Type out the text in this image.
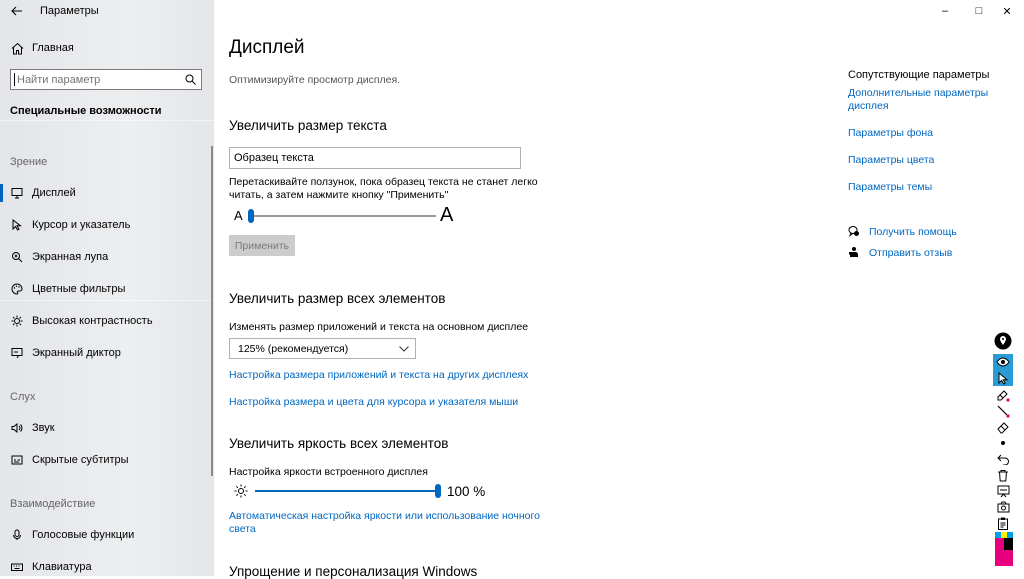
Параметры
Главная
Найти параметр
Специальные возможности
Зрение
Дисплей
Курсор и указатель
Экранная лупа
Цветные фильтры
Высокая контрастность
Экранный диктор
Слух
Звук
Скрытые субтитры
Взаимодействие
Голосовые функции
Клавиатура
–	□	✕
Дисплей
Оптимизируйте просмотр дисплея.
Увеличить размер текста
Образец текста
Перетаскивайте ползунок, пока образец текста не станет легко
читать, а затем нажмите кнопку "Применить"
A	A
Применить
Увеличить размер всех элементов
Изменять размер приложений и текста на основном дисплее
125% (рекомендуется)
Настройка размера приложений и текста на других дисплеях
Настройка размера и цвета для курсора и указателя мыши
Увеличить яркость всех элементов
Настройка яркости встроенного дисплея
100 %
Автоматическая настройка яркости или использование ночного
света
Упрощение и персонализация Windows
Сопутствующие параметры
Дополнительные параметры
дисплея
Параметры фона
Параметры цвета
Параметры темы
Получить помощь
Отправить отзыв
